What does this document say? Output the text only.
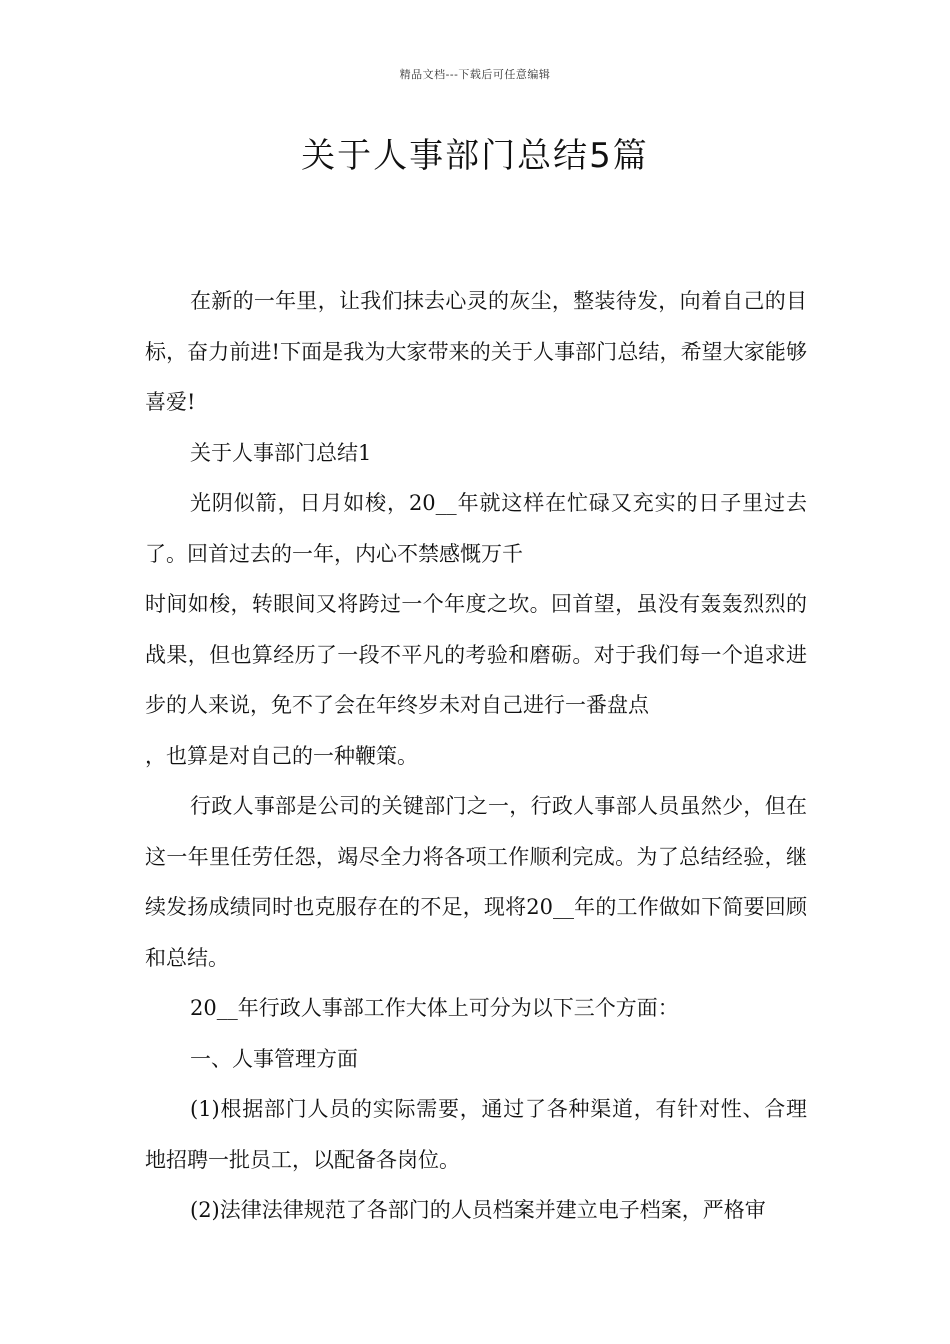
精品文档---下载后可任意编辑
关于人事部门总结5篇

在新的一年里，让我们抹去心灵的灰尘，整装待发，向着自己的目标，奋力前进!下面是我为大家带来的关于人事部门总结，希望大家能够喜爱!

关于人事部门总结1

光阴似箭，日月如梭，20__年就这样在忙碌又充实的日子里过去了。回首过去的一年，内心不禁感慨万千

时间如梭，转眼间又将跨过一个年度之坎。回首望，虽没有轰轰烈烈的战果，但也算经历了一段不平凡的考验和磨砺。对于我们每一个追求进步的人来说，免不了会在年终岁未对自己进行一番盘点

，也算是对自己的一种鞭策。

行政人事部是公司的关键部门之一，行政人事部人员虽然少，但在这一年里任劳任怨，竭尽全力将各项工作顺利完成。为了总结经验，继续发扬成绩同时也克服存在的不足，现将20__年的工作做如下简要回顾和总结。

20__年行政人事部工作大体上可分为以下三个方面：

一、人事管理方面

(1)根据部门人员的实际需要，通过了各种渠道，有针对性、合理地招聘一批员工，以配备各岗位。

(2)法律法律规范了各部门的人员档案并建立电子档案，严格审
